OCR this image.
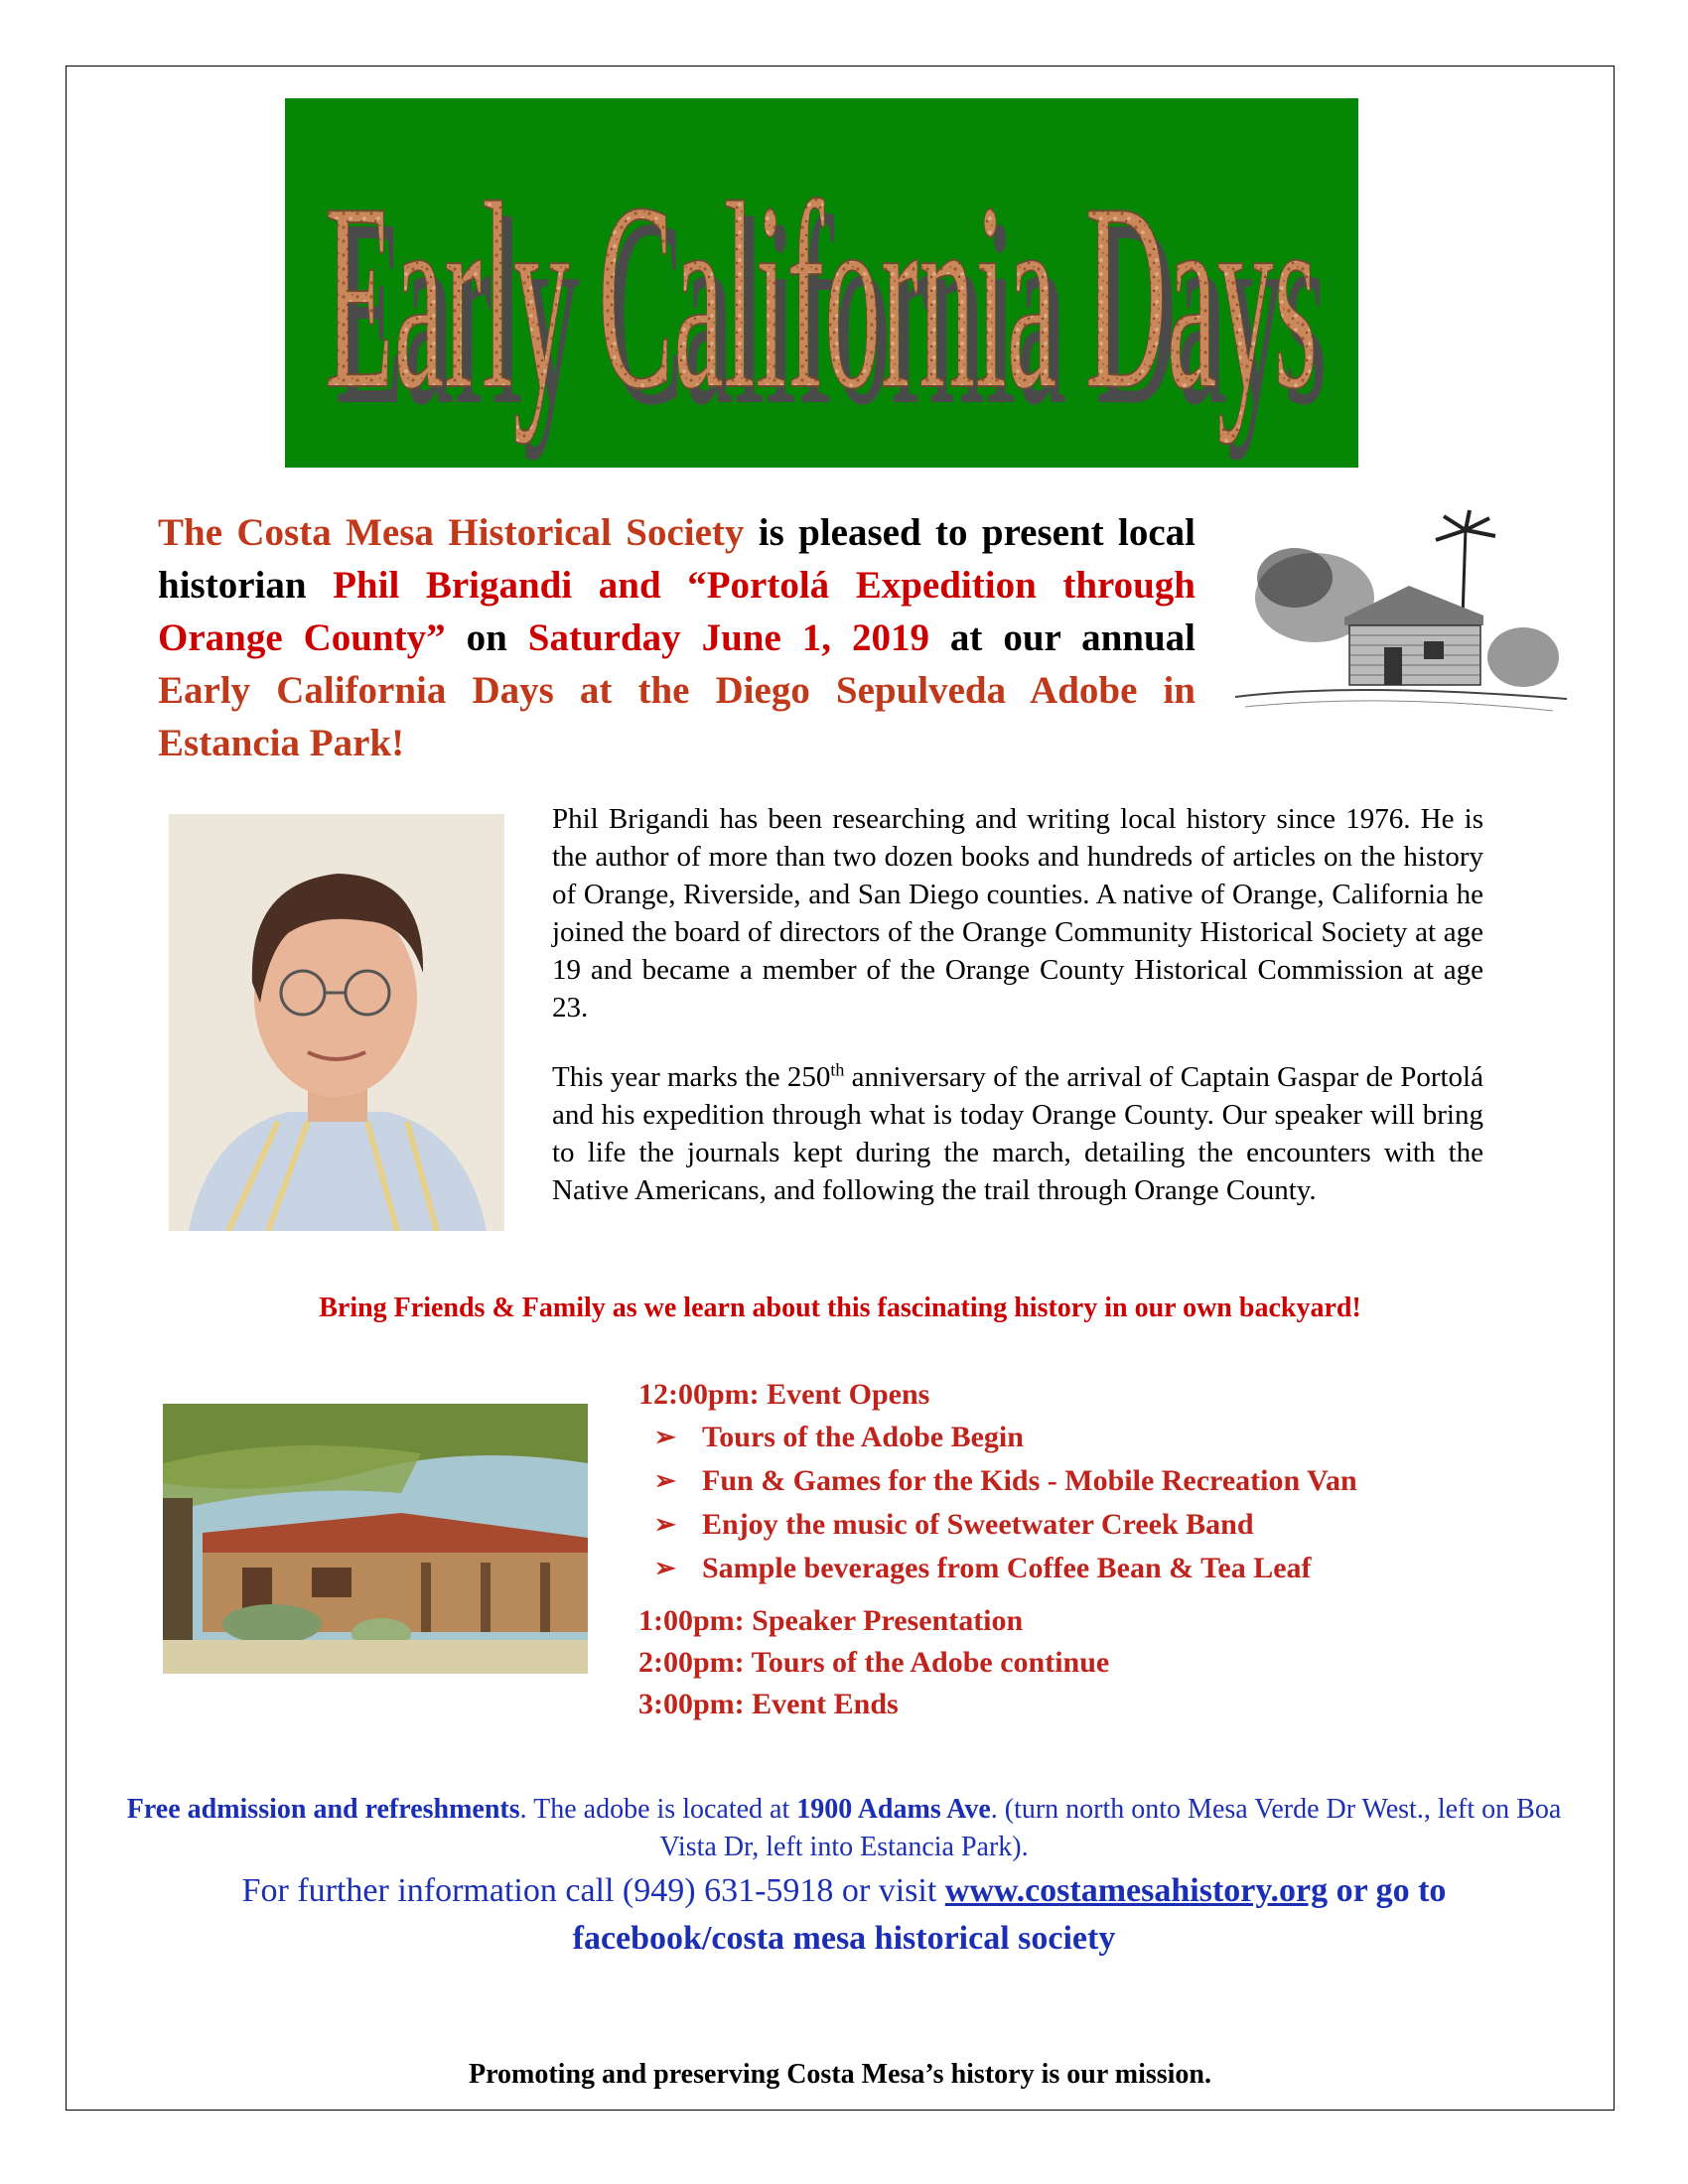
Early California Days
Early California Days
The Costa Mesa Historical Society is pleased to present local historian Phil Brigandi and “Portolá Expedition through Orange County” on Saturday June 1, 2019 at our annual Early California Days at the Diego Sepulveda Adobe in Estancia Park!

Phil Brigandi has been researching and writing local history since 1976. He is the author of more than two dozen books and hundreds of articles on the history of Orange, Riverside, and San Diego counties. A native of Orange, California he joined the board of directors of the Orange Community Historical Society at age 19 and became a member of the Orange County Historical Commission at age 23.

This year marks the 250th anniversary of the arrival of Captain Gaspar de Portolá and his expedition through what is today Orange County. Our speaker will bring to life the journals kept during the march, detailing the encounters with the Native Americans, and following the trail through Orange County.

Bring Friends & Family as we learn about this fascinating history in our own backyard!
12:00pm: Event Opens
➢ Tours of the Adobe Begin
➢ Fun & Games for the Kids - Mobile Recreation Van
➢ Enjoy the music of Sweetwater Creek Band
➢ Sample beverages from Coffee Bean & Tea Leaf
1:00pm: Speaker Presentation
2:00pm: Tours of the Adobe continue
3:00pm: Event Ends
Free admission and refreshments. The adobe is located at 1900 Adams Ave. (turn north onto Mesa Verde Dr West., left on Boa Vista Dr, left into Estancia Park).
For further information call (949) 631-5918 or visit www.costamesahistory.org or go to
facebook/costa mesa historical society
Promoting and preserving Costa Mesa’s history is our mission.
